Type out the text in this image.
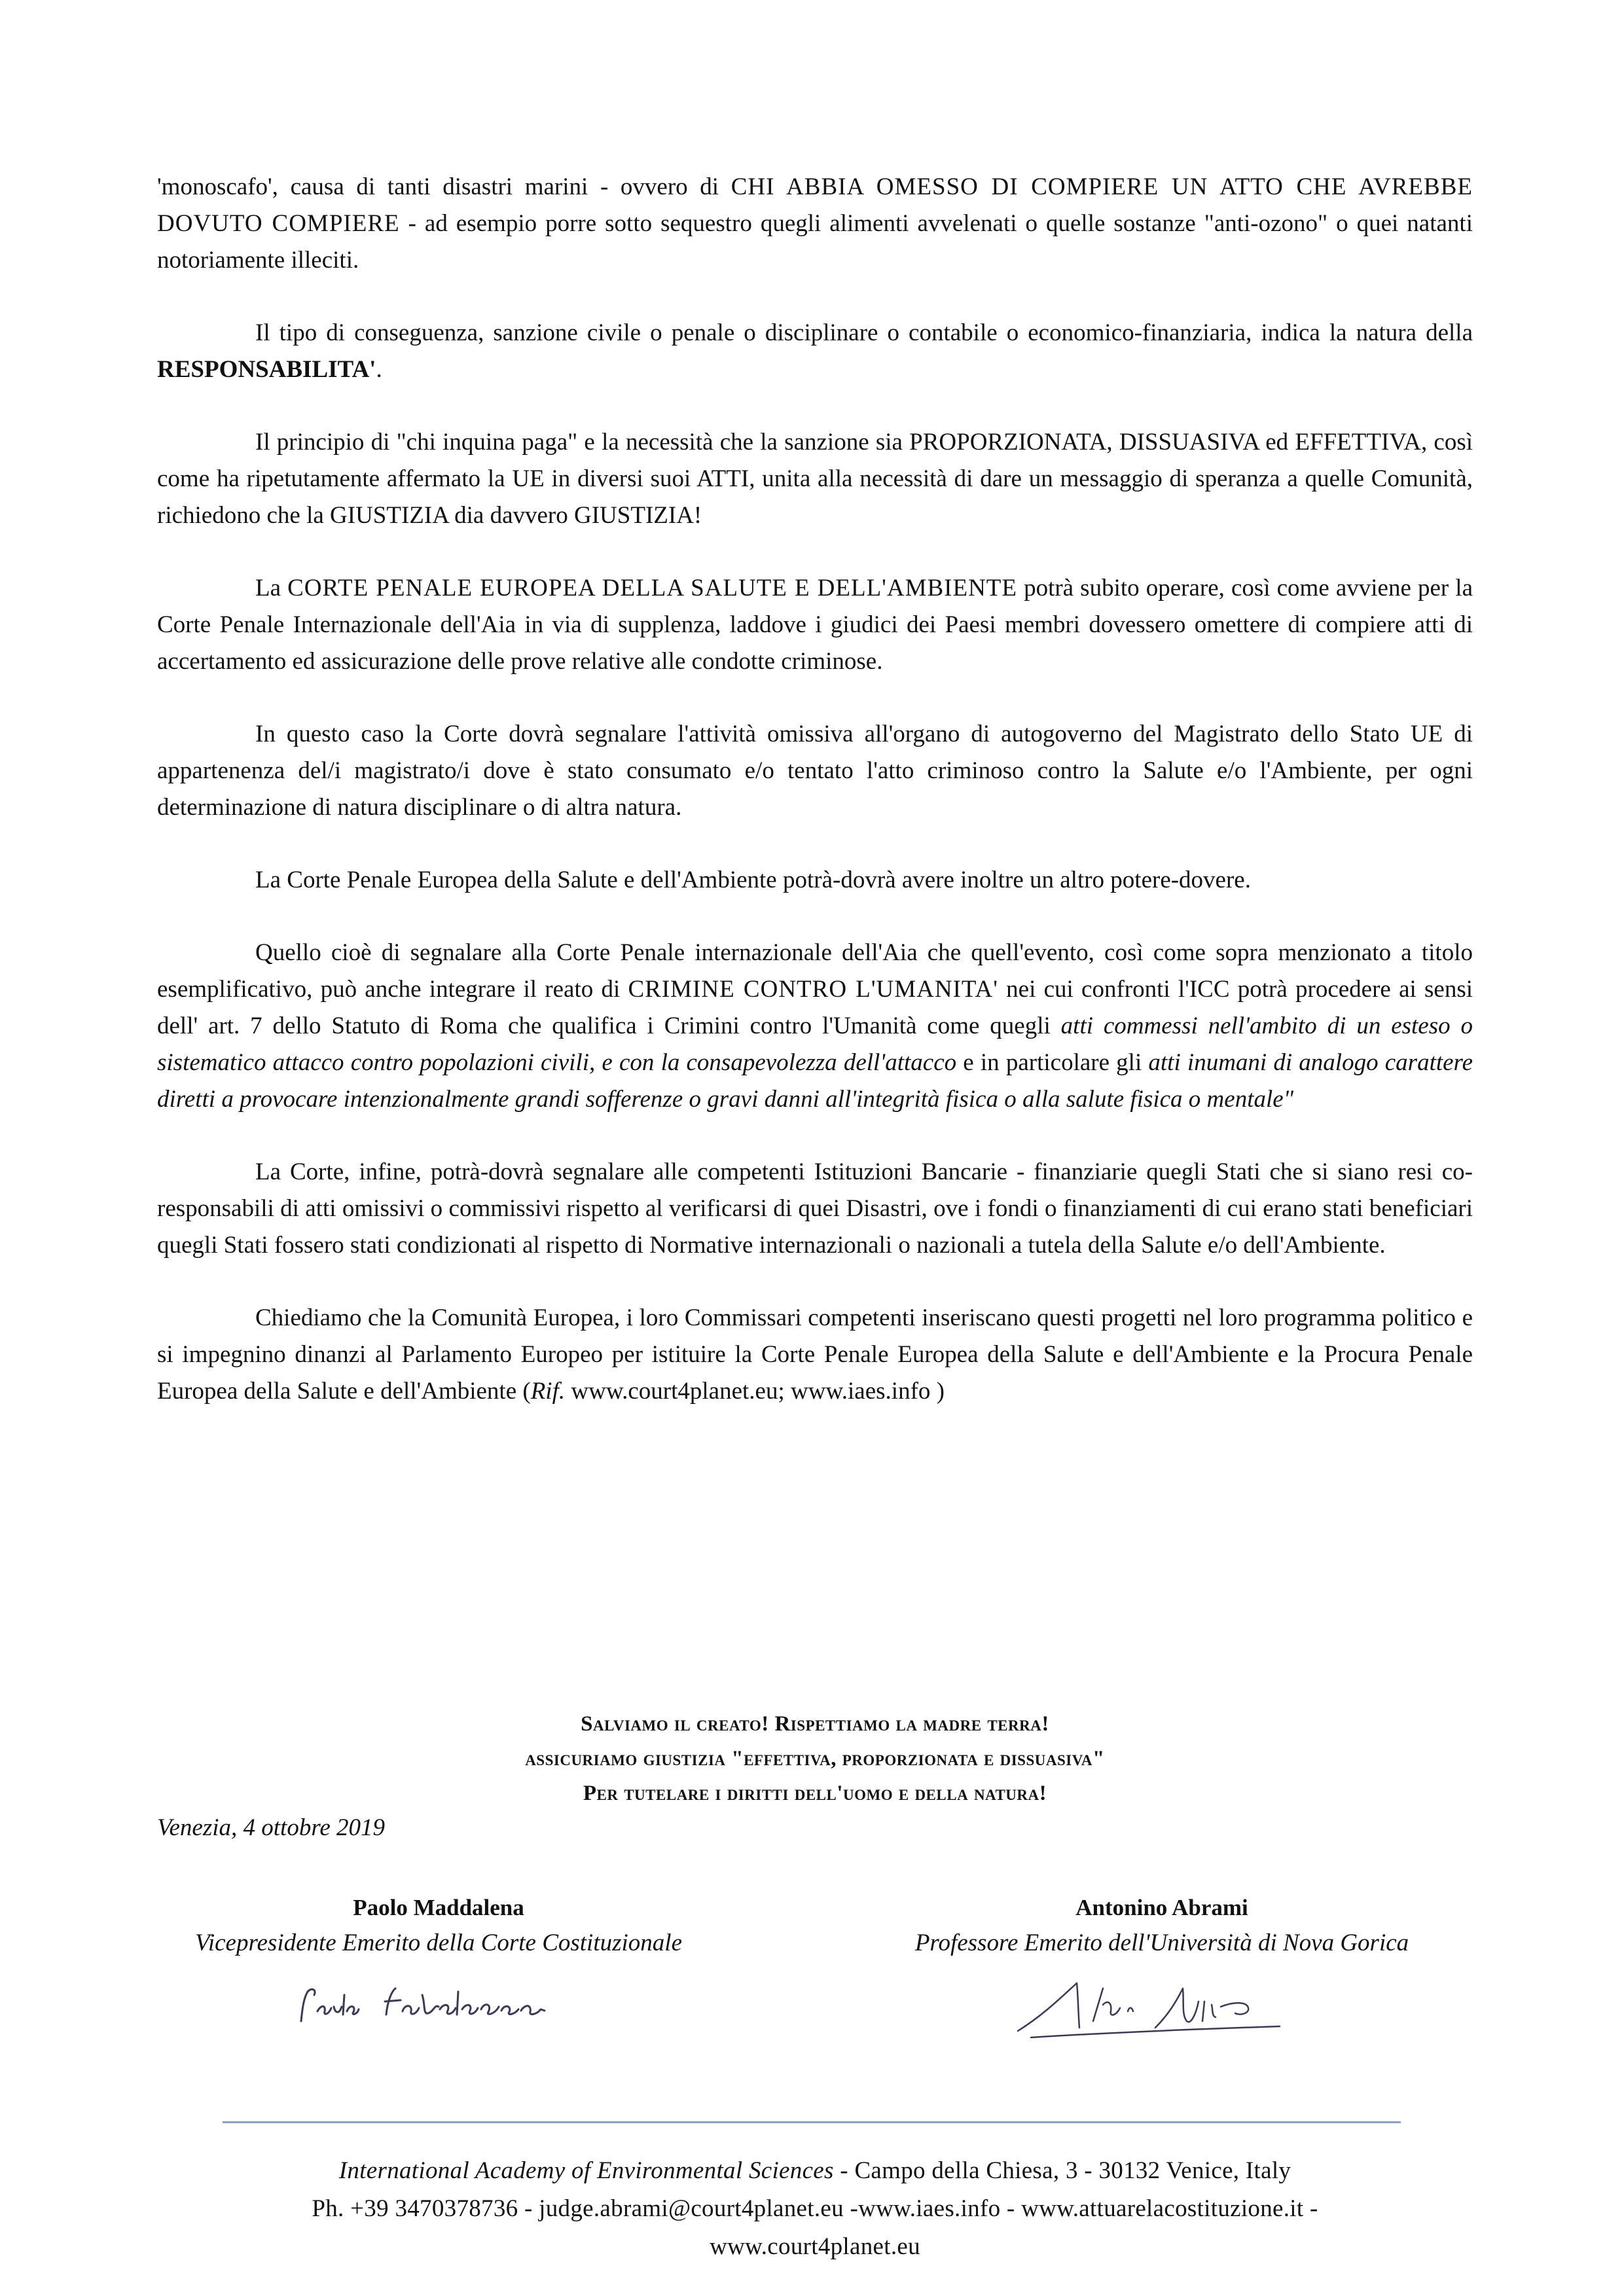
'monoscafo', causa di tanti disastri marini - ovvero di CHI ABBIA OMESSO DI COMPIERE UN ATTO CHE AVREBBE DOVUTO COMPIERE - ad esempio porre sotto sequestro quegli alimenti avvelenati o quelle sostanze "anti-ozono" o quei natanti notoriamente illeciti.

Il tipo di conseguenza, sanzione civile o penale o disciplinare o contabile o economico-finanziaria, indica la natura della RESPONSABILITA'.

Il principio di "chi inquina paga" e la necessità che la sanzione sia PROPORZIONATA, DISSUASIVA ed EFFETTIVA, così come ha ripetutamente affermato la UE in diversi suoi ATTI, unita alla necessità di dare un messaggio di speranza a quelle Comunità, richiedono che la GIUSTIZIA dia davvero GIUSTIZIA!

La CORTE PENALE EUROPEA DELLA SALUTE E DELL'AMBIENTE potrà subito operare, così come avviene per la Corte Penale Internazionale dell'Aia in via di supplenza, laddove i giudici dei Paesi membri dovessero omettere di compiere atti di accertamento ed assicurazione delle prove relative alle condotte criminose.

In questo caso la Corte dovrà segnalare l'attività omissiva all'organo di autogoverno del Magistrato dello Stato UE di appartenenza del/i magistrato/i dove è stato consumato e/o tentato l'atto criminoso contro la Salute e/o l'Ambiente, per ogni determinazione di natura disciplinare o di altra natura.

La Corte Penale Europea della Salute e dell'Ambiente potrà-dovrà avere inoltre un altro potere-dovere.

Quello cioè di segnalare alla Corte Penale internazionale dell'Aia che quell'evento, così come sopra menzionato a titolo esemplificativo, può anche integrare il reato di CRIMINE CONTRO L'UMANITA' nei cui confronti l'ICC potrà procedere ai sensi dell' art. 7 dello Statuto di Roma che qualifica i Crimini contro l'Umanità come quegli atti commessi nell'ambito di un esteso o sistematico attacco contro popolazioni civili, e con la consapevolezza dell'attacco e in particolare gli atti inumani di analogo carattere diretti a provocare intenzionalmente grandi sofferenze o gravi danni all'integrità fisica o alla salute fisica o mentale"

La Corte, infine, potrà-dovrà segnalare alle competenti Istituzioni Bancarie - finanziarie quegli Stati che si siano resi co-responsabili di atti omissivi o commissivi rispetto al verificarsi di quei Disastri, ove i fondi o finanziamenti di cui erano stati beneficiari quegli Stati fossero stati condizionati al rispetto di Normative internazionali o nazionali a tutela della Salute e/o dell'Ambiente.

Chiediamo che la Comunità Europea, i loro Commissari competenti inseriscano questi progetti nel loro programma politico e si impegnino dinanzi al Parlamento Europeo per istituire la Corte Penale Europea della Salute e dell'Ambiente e la Procura Penale Europea della Salute e dell'Ambiente (Rif. www.court4planet.eu; www.iaes.info )

Salviamo il creato! Rispettiamo la madre terra!
assicuriamo giustizia "effettiva, proporzionata e dissuasiva"
Per tutelare i diritti dell'uomo e della natura!
Venezia, 4 ottobre 2019
Paolo Maddalena
Vicepresidente Emerito della Corte Costituzionale
Antonino Abrami
Professore Emerito dell'Università di Nova Gorica
International Academy of Environmental Sciences - Campo della Chiesa, 3 - 30132 Venice, Italy
Ph. +39 3470378736 - judge.abrami@court4planet.eu -www.iaes.info - www.attuarelacostituzione.it -
www.court4planet.eu
